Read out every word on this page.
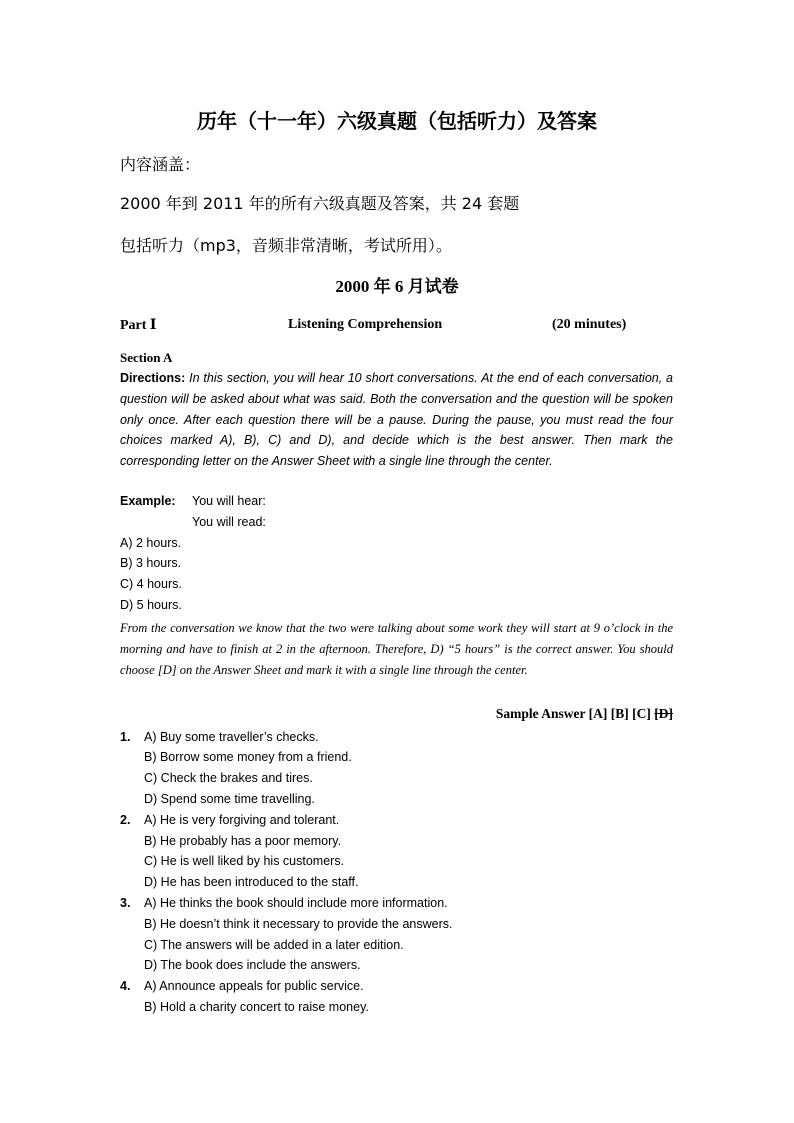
历年（十一年）六级真题（包括听力）及答案
内容涵盖：
2000 年到 2011 年的所有六级真题及答案，共 24 套题
包括听力（mp3，音频非常清晰，考试所用）。
2000 年 6 月试卷
Part Ⅰ	Listening Comprehension	(20 minutes)
Section A
Directions: In this section, you will hear 10 short conversations. At the end of each conversation, a question will be asked about what was said. Both the conversation and the question will be spoken only once. After each question there will be a pause. During the pause, you must read the four choices marked A), B), C) and D), and decide which is the best answer. Then mark the corresponding letter on the Answer Sheet with a single line through the center.
Example: You will hear:
You will read:
A) 2 hours.
B) 3 hours.
C) 4 hours.
D) 5 hours.
From the conversation we know that the two were talking about some work they will start at 9 o’clock in the morning and have to finish at 2 in the afternoon. Therefore, D) “5 hours” is the correct answer. You should choose [D] on the Answer Sheet and mark it with a single line through the center.
Sample Answer [A] [B] [C] [D]
1. A) Buy some traveller’s checks.
B) Borrow some money from a friend.
C) Check the brakes and tires.
D) Spend some time travelling.
2. A) He is very forgiving and tolerant.
B) He probably has a poor memory.
C) He is well liked by his customers.
D) He has been introduced to the staff.
3. A) He thinks the book should include more information.
B) He doesn’t think it necessary to provide the answers.
C) The answers will be added in a later edition.
D) The book does include the answers.
4. A) Announce appeals for public service.
B) Hold a charity concert to raise money.
